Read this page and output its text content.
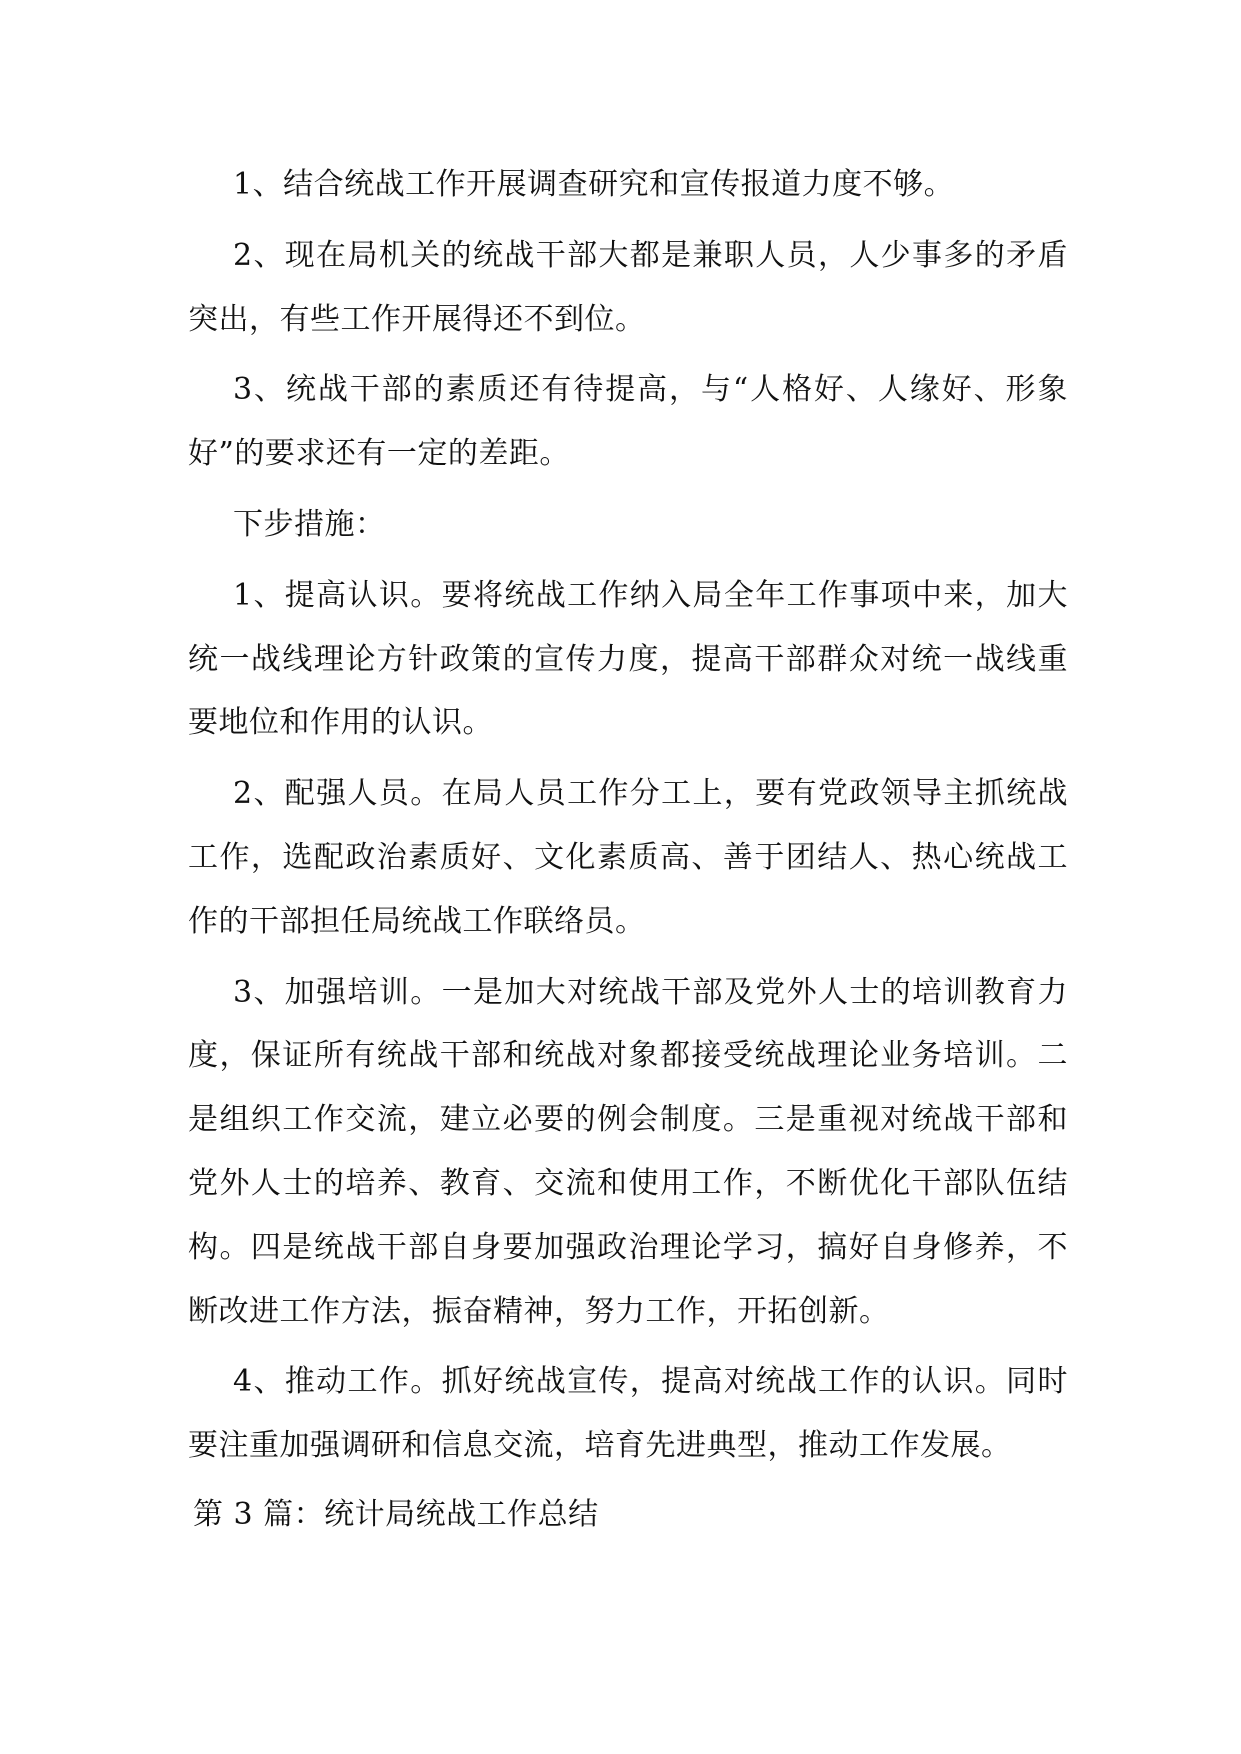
1、结合统战工作开展调查研究和宣传报道力度不够。

2、现在局机关的统战干部大都是兼职人员，人少事多的矛盾突出，有些工作开展得还不到位。

3、统战干部的素质还有待提高，与“人格好、人缘好、形象好”的要求还有一定的差距。

下步措施：

1、提高认识。要将统战工作纳入局全年工作事项中来，加大统一战线理论方针政策的宣传力度，提高干部群众对统一战线重要地位和作用的认识。

2、配强人员。在局人员工作分工上，要有党政领导主抓统战工作，选配政治素质好、文化素质高、善于团结人、热心统战工作的干部担任局统战工作联络员。

3、加强培训。一是加大对统战干部及党外人士的培训教育力度，保证所有统战干部和统战对象都接受统战理论业务培训。二是组织工作交流，建立必要的例会制度。三是重视对统战干部和党外人士的培养、教育、交流和使用工作，不断优化干部队伍结构。四是统战干部自身要加强政治理论学习，搞好自身修养，不断改进工作方法，振奋精神，努力工作，开拓创新。

4、推动工作。抓好统战宣传，提高对统战工作的认识。同时要注重加强调研和信息交流，培育先进典型，推动工作发展。

第 3 篇：统计局统战工作总结
